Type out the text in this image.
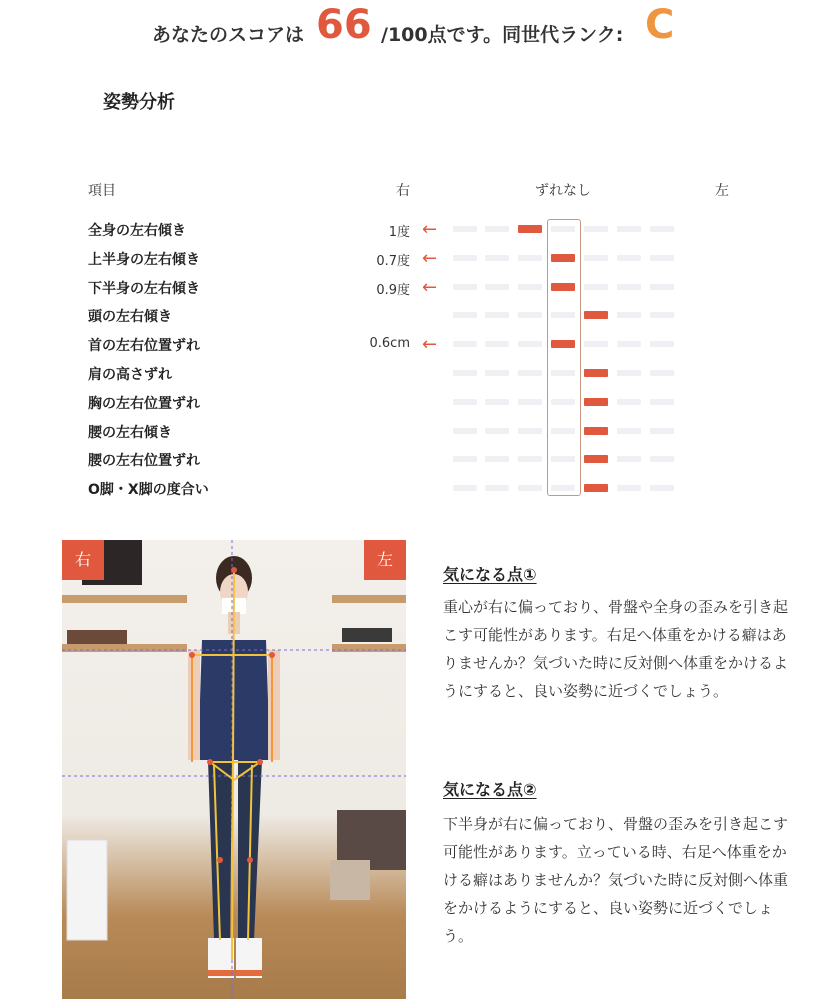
あなたのスコアは 66 /100点です。同世代ランク: C
姿勢分析
項目	右	ずれなし	左
全身の左右傾き	1度 ←
上半身の左右傾き	0.7度 ←
下半身の左右傾き	0.9度 ←
頭の左右傾き
首の左右位置ずれ	0.6cm ←
肩の高さずれ
胸の左右位置ずれ
腰の左右傾き
腰の左右位置ずれ
O脚・X脚の度合い
右	左
気になる点①
重心が右に偏っており、骨盤や全身の歪みを引き起こす可能性があります。右足へ体重をかける癖はありませんか？気づいた時に反対側へ体重をかけるようにすると、良い姿勢に近づくでしょう。
気になる点②
下半身が右に偏っており、骨盤の歪みを引き起こす可能性があります。立っている時、右足へ体重をかける癖はありませんか？気づいた時に反対側へ体重をかけるようにすると、良い姿勢に近づくでしょう。
